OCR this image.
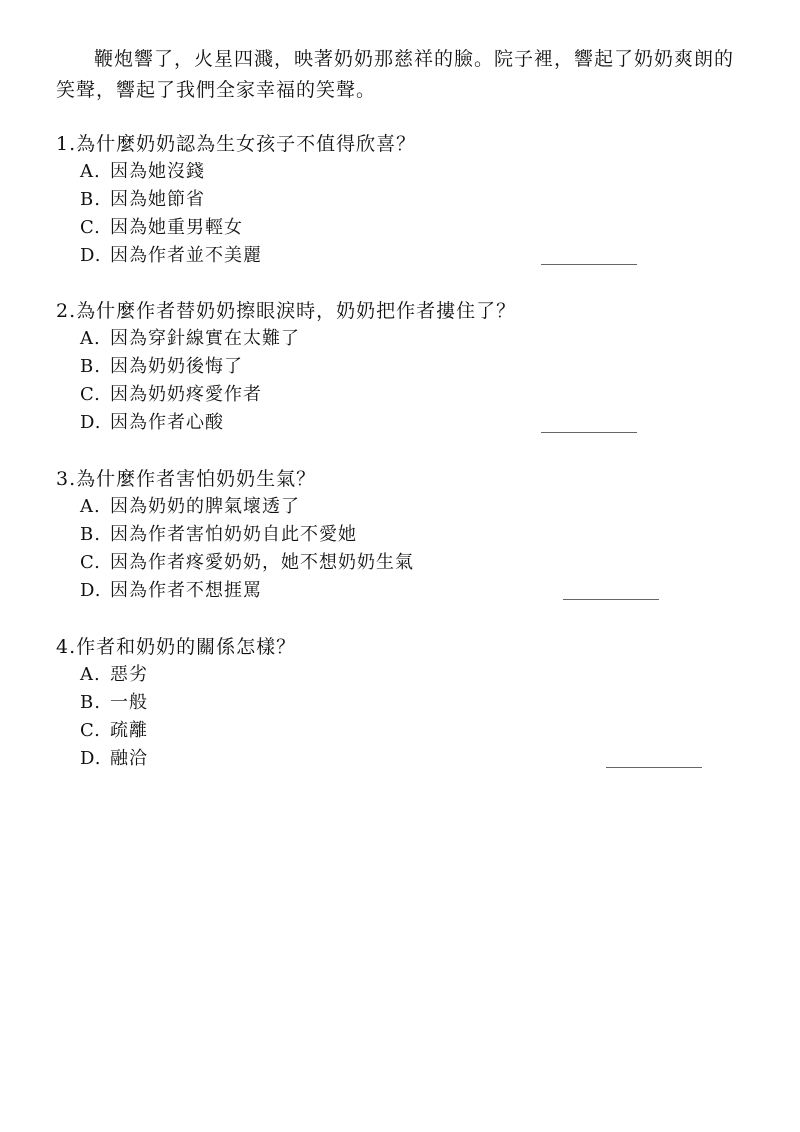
鞭炮響了，火星四濺，映著奶奶那慈祥的臉。院子裡，響起了奶奶爽朗的笑聲，響起了我們全家幸福的笑聲。

1.為什麼奶奶認為生女孩子不值得欣喜？

A. 因為她沒錢
B. 因為她節省
C. 因為她重男輕女
D. 因為作者並不美麗

2.為什麼作者替奶奶擦眼淚時，奶奶把作者摟住了？

A. 因為穿針線實在太難了
B. 因為奶奶後悔了
C. 因為奶奶疼愛作者
D. 因為作者心酸

3.為什麼作者害怕奶奶生氣？

A. 因為奶奶的脾氣壞透了
B. 因為作者害怕奶奶自此不愛她
C. 因為作者疼愛奶奶，她不想奶奶生氣
D. 因為作者不想捱罵

4.作者和奶奶的關係怎樣？

A. 惡劣
B. 一般
C. 疏離
D. 融洽
